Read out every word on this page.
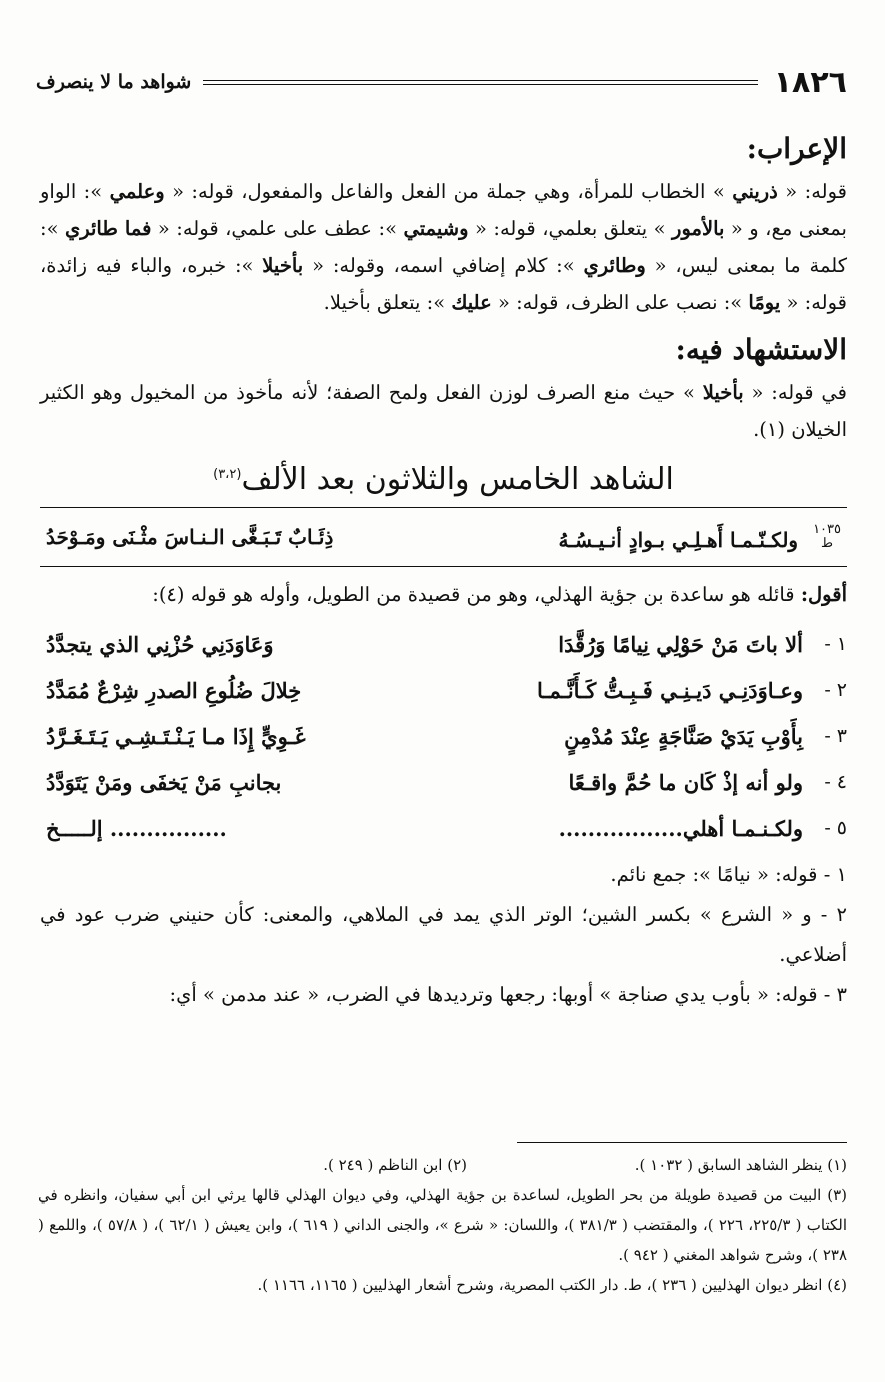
١٨٢٦
شواهد ما لا ينصرف
الإعراب:

قوله: « ذريني » الخطاب للمرأة، وهي جملة من الفعل والفاعل والمفعول، قوله: « وعلمي »: الواو بمعنى مع، و « بالأمور » يتعلق بعلمي، قوله: « وشيمتي »: عطف على علمي، قوله: « فما طائري »: كلمة ما بمعنى ليس، « وطائري »: كلام إضافي اسمه، وقوله: « بأخيلا »: خبره، والباء فيه زائدة، قوله: « يومًا »: نصب على الظرف، قوله: « عليك »: يتعلق بأخيلا.

الاستشهاد فيه:

في قوله: « بأخيلا » حيث منع الصرف لوزن الفعل ولمح الصفة؛ لأنه مأخوذ من المخيول وهو الكثير الخيلان (١).

الشاهد الخامس والثلاثون بعد الألف$^{(٣،٢)}$
١٠٣٥
ط ولكـنّـمـا أَهـلِـي بـوادٍ أنـيـسُـهُ
ذِئَـابٌ تَـبَـغَّى الـنـاسَ مثْـنَى ومَـوْحَدُ

أقول: قائله هو ساعدة بن جؤية الهذلي، وهو من قصيدة من الطويل، وأوله هو قوله (٤):

١ -
ألا باتَ مَنْ حَوْلِي نِيامًا وَرُقَّدَا
وَعَاوَدَنِي حُزْنِي الذي يتجدَّدُ
٢ -
وعـاوَدَنِـي دَيـنِـي فَـبِـتُّ كَـأَنَّـمـا
خِلالَ ضُلُوعِ الصدرِ شِرْعٌ مُمَدَّدُ
٣ -
بِأَوْبِ يَدَيْ صَنَّاجَةٍ عِنْدَ مُدْمِنٍ
غَـوِيٍّ إِذَا مـا يَـنْـتَـشِـي يَـتَـغَـرَّدُ
٤ -
ولو أنه إذْ كَان ما حُمَّ واقـعًا
بجانبِ مَنْ يَخفَى ومَنْ يَتَوَدَّدُ
٥ -
ولكـنـمـا أهلي.................
................ إلـــــخ

١ - قوله: « نيامًا »: جمع نائم.

٢ - و « الشرع » بكسر الشين؛ الوتر الذي يمد في الملاهي، والمعنى: كأن حنيني ضرب عود في أضلاعي.

٣ - قوله: « بأوب يدي صناجة » أوبها: رجعها وترديدها في الضرب، « عند مدمن » أي:

(١) ينظر الشاهد السابق ( ١٠٣٢ ).
(٢) ابن الناظم ( ٢٤٩ ).
(٣) البيت من قصيدة طويلة من بحر الطويل، لساعدة بن جؤية الهذلي، وفي ديوان الهذلي قالها يرثي ابن أبي سفيان، وانظره في الكتاب ( ٢٢٥/٣، ٢٢٦ )، والمقتضب ( ٣٨١/٣ )، واللسان: « شرع »، والجنى الداني ( ٦١٩ )، وابن يعيش ( ٦٢/١ )، ( ٥٧/٨ )، واللمع ( ٢٣٨ )، وشرح شواهد المغني ( ٩٤٢ ).
(٤) انظر ديوان الهذليين ( ٢٣٦ )، ط. دار الكتب المصرية، وشرح أشعار الهذليين ( ١١٦٥، ١١٦٦ ).
